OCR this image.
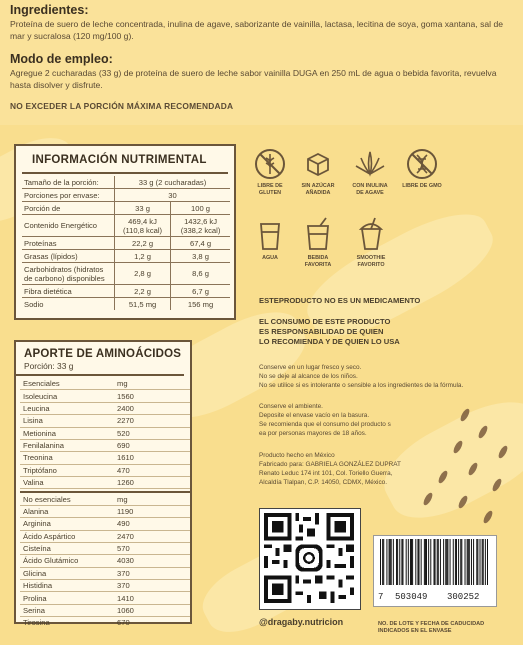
Ingredientes:
Proteína de suero de leche concentrada, inulina de agave, saborizante de vainilla, lactasa, lecitina de soya, goma xantana, sal de mar y sucralosa (120 mg/100 g).
Modo de empleo:
Agregue 2 cucharadas (33 g) de proteína de suero de leche sabor vainilla DUGA en 250 mL de agua o bebida favorita, revuelva hasta disolver y disfrute.
NO EXCEDER LA PORCIÓN MÁXIMA RECOMENDADA
INFORMACIÓN NUTRIMENTAL
Tamaño de la porción:	33 g (2 cucharadas)	
Porciones por envase:	30	
Porción de	33 g	100 g
Contenido Energético	469,4 kJ (110,8 kcal)	1432,6 kJ (338,2 kcal)
Proteínas	22,2 g	67,4 g
Grasas (lípidos)	1,2 g	3,8 g
Carbohidratos (hidratos de carbono) disponibles	2,8 g	8,6 g
Fibra dietética	2,2 g	6,7 g
Sodio	51,5 mg	156 mg
APORTE DE AMINOÁCIDOS
Porción: 33 g
Esenciales	mg
Isoleucina	1560
Leucina	2400
Lisina	2270
Metionina	520
Fenilalanina	690
Treonina	1610
Triptófano	470
Valina	1260

No esenciales	mg
Alanina	1190
Arginina	490
Ácido Aspártico	2470
Cisteína	570
Ácido Glutámico	4030
Glicina	370
Histidina	370
Prolina	1410
Serina	1060
Tirosina	670
LIBRE DE GLUTEN
SIN AZÚCAR AÑADIDA
CON INULINA DE AGAVE
LIBRE DE GMO
AGUA	BEBIDA FAVORITA
SMOOTHIE FAVORITO
ESTEPRODUCTO NO ES UN MEDICAMENTO
EL CONSUMO DE ESTE PRODUCTO
ES RESPONSABILIDAD DE QUIEN
LO RECOMIENDA Y DE QUIEN LO USA
Conserve en un lugar fresco y seco.
No se deje al alcance de los niños.
No se utilice si es intolerante o sensible a los ingredientes de la fórmula.
Conserve el ambiente.
Deposite el envase vacío en la basura.
Se recomienda que el consumo del producto s
ea por personas mayores de 18 años.
Producto hecho en México
Fabricado para: GABRIELA GONZÁLEZ DUPRAT
Renato Leduc 174 int 101, Col. Toriello Guerra,
Alcaldía Tlalpan, C.P. 14050, CDMX, México.
@dragaby.nutricion
7 503049 300252
NO. DE LOTE Y FECHA DE CADUCIDAD
INDICADOS EN EL ENVASE
